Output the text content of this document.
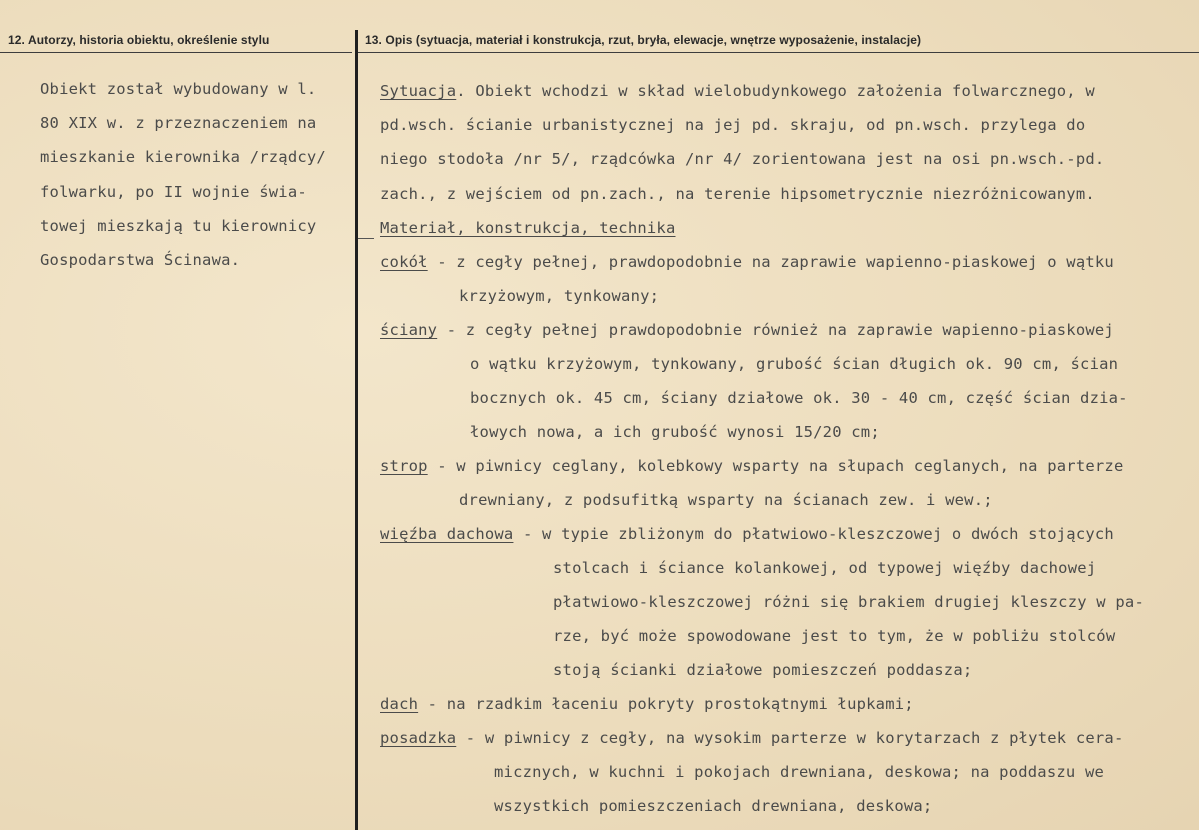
12. Autorzy, historia obiektu, określenie stylu	13. Opis (sytuacja, materiał i konstrukcja, rzut, bryła, elewacje, wnętrze wyposażenie, instalacje)
Obiekt został wybudowany w l.
80 XIX w. z przeznaczeniem na
mieszkanie kierownika /rządcy/
folwarku, po II wojnie świa-
towej mieszkają tu kierownicy
Gospodarstwa Ścinawa.
Sytuacja. Obiekt wchodzi w skład wielobudynkowego założenia folwarcznego, w
pd.wsch. ścianie urbanistycznej na jej pd. skraju, od pn.wsch. przylega do
niego stodoła /nr 5/, rządcówka /nr 4/ zorientowana jest na osi pn.wsch.-pd.
zach., z wejściem od pn.zach., na terenie hipsometrycznie niezróżnicowanym.
Materiał, konstrukcja, technika
cokół - z cegły pełnej, prawdopodobnie na zaprawie wapienno-piaskowej o wątku
krzyżowym, tynkowany;
ściany - z cegły pełnej prawdopodobnie również na zaprawie wapienno-piaskowej
o wątku krzyżowym, tynkowany, grubość ścian długich ok. 90 cm, ścian
bocznych ok. 45 cm, ściany działowe ok. 30 - 40 cm, część ścian dzia-
łowych nowa, a ich grubość wynosi 15/20 cm;
strop - w piwnicy ceglany, kolebkowy wsparty na słupach ceglanych, na parterze
drewniany, z podsufitką wsparty na ścianach zew. i wew.;
więźba dachowa - w typie zbliżonym do płatwiowo-kleszczowej o dwóch stojących
stolcach i ściance kolankowej, od typowej więźby dachowej
płatwiowo-kleszczowej różni się brakiem drugiej kleszczy w pa-
rze, być może spowodowane jest to tym, że w pobliżu stolców
stoją ścianki działowe pomieszczeń poddasza;
dach - na rzadkim łaceniu pokryty prostokątnymi łupkami;
posadzka - w piwnicy z cegły, na wysokim parterze w korytarzach z płytek cera-
micznych, w kuchni i pokojach drewniana, deskowa; na poddaszu we
wszystkich pomieszczeniach drewniana, deskowa;
